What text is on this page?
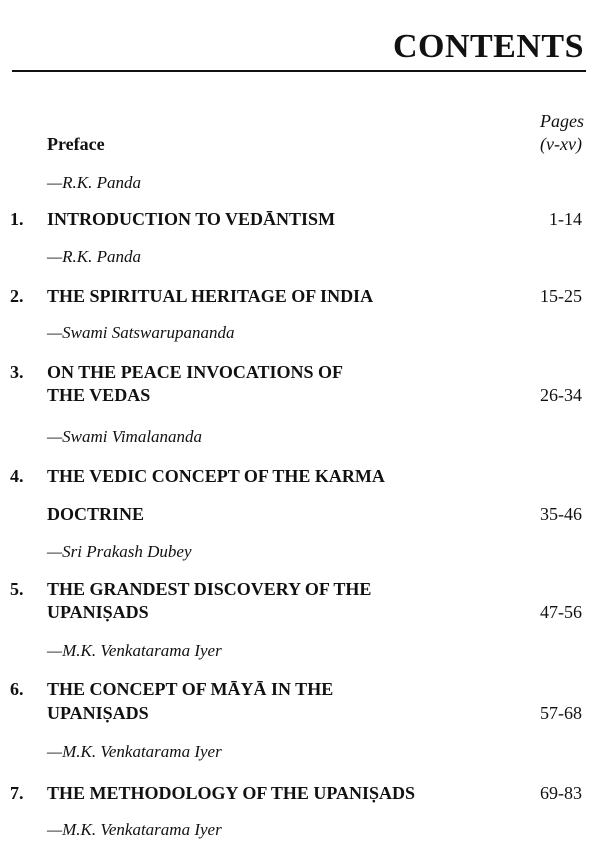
CONTENTS
Pages
Preface	(v-xv)
—R.K. Panda
1. INTRODUCTION TO VEDĀNTISM	1-14
—R.K. Panda
2. THE SPIRITUAL HERITAGE OF INDIA	15-25
—Swami Satswarupananda
3. ON THE PEACE INVOCATIONS OF
THE VEDAS	26-34
—Swami Vimalananda
4. THE VEDIC CONCEPT OF THE KARMA
DOCTRINE	35-46
—Sri Prakash Dubey
5. THE GRANDEST DISCOVERY OF THE
UPANIṢADS	47-56
—M.K. Venkatarama Iyer
6. THE CONCEPT OF MĀYĀ IN THE
UPANIṢADS	57-68
—M.K. Venkatarama Iyer
7. THE METHODOLOGY OF THE UPANIṢADS	69-83
—M.K. Venkatarama Iyer
